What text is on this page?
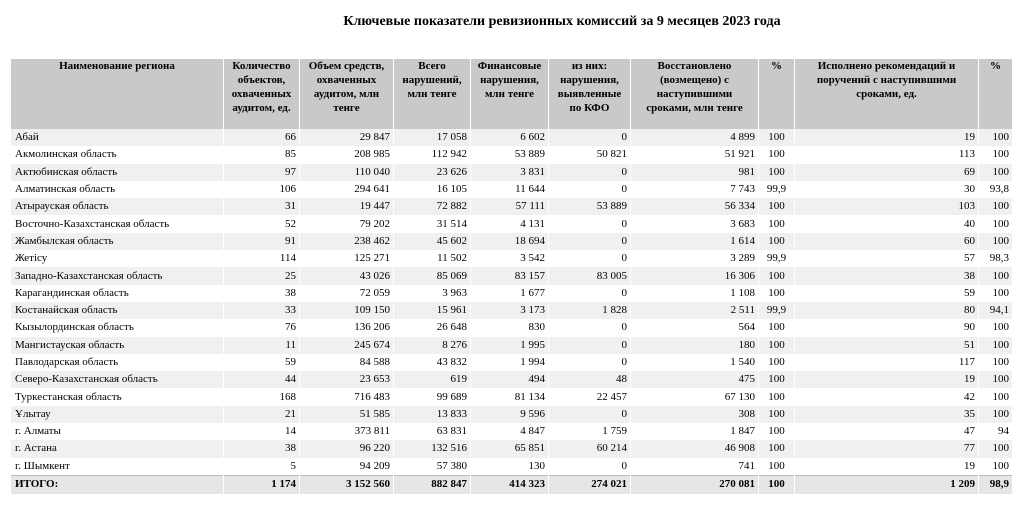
Ключевые показатели ревизионных комиссий за 9 месяцев 2023 года
Наименование региона	Количество объектов, охваченных аудитом, ед.	Объем средств, охваченных аудитом, млн тенге	Всего нарушений, млн тенге	Финансовые нарушения, млн тенге	из них: нарушения, выявленные по КФО	Восстановлено (возмещено) с наступившими сроками, млн тенге	%	Исполнено рекомендаций и поручений с наступившими сроками, ед.	%
Абай	66	29 847	17 058	6 602	0	4 899	100	19	100
Акмолинская область	85	208 985	112 942	53 889	50 821	51 921	100	113	100
Актюбинская область	97	110 040	23 626	3 831	0	981	100	69	100
Алматинская область	106	294 641	16 105	11 644	0	7 743	99,9	30	93,8
Атырауская область	31	19 447	72 882	57 111	53 889	56 334	100	103	100
Восточно-Казахстанская область	52	79 202	31 514	4 131	0	3 683	100	40	100
Жамбылская область	91	238 462	45 602	18 694	0	1 614	100	60	100
Жетісу	114	125 271	11 502	3 542	0	3 289	99,9	57	98,3
Западно-Казахстанская область	25	43 026	85 069	83 157	83 005	16 306	100	38	100
Карагандинская область	38	72 059	3 963	1 677	0	1 108	100	59	100
Костанайская область	33	109 150	15 961	3 173	1 828	2 511	99,9	80	94,1
Кызылординская область	76	136 206	26 648	830	0	564	100	90	100
Мангистауская область	11	245 674	8 276	1 995	0	180	100	51	100
Павлодарская область	59	84 588	43 832	1 994	0	1 540	100	117	100
Северо-Казахстанская область	44	23 653	619	494	48	475	100	19	100
Туркестанская область	168	716 483	99 689	81 134	22 457	67 130	100	42	100
Ұлытау	21	51 585	13 833	9 596	0	308	100	35	100
г. Алматы	14	373 811	63 831	4 847	1 759	1 847	100	47	94
г. Астана	38	96 220	132 516	65 851	60 214	46 908	100	77	100
г. Шымкент	5	94 209	57 380	130	0	741	100	19	100
ИТОГО:	1 174	3 152 560	882 847	414 323	274 021	270 081	100	1 209	98,9
